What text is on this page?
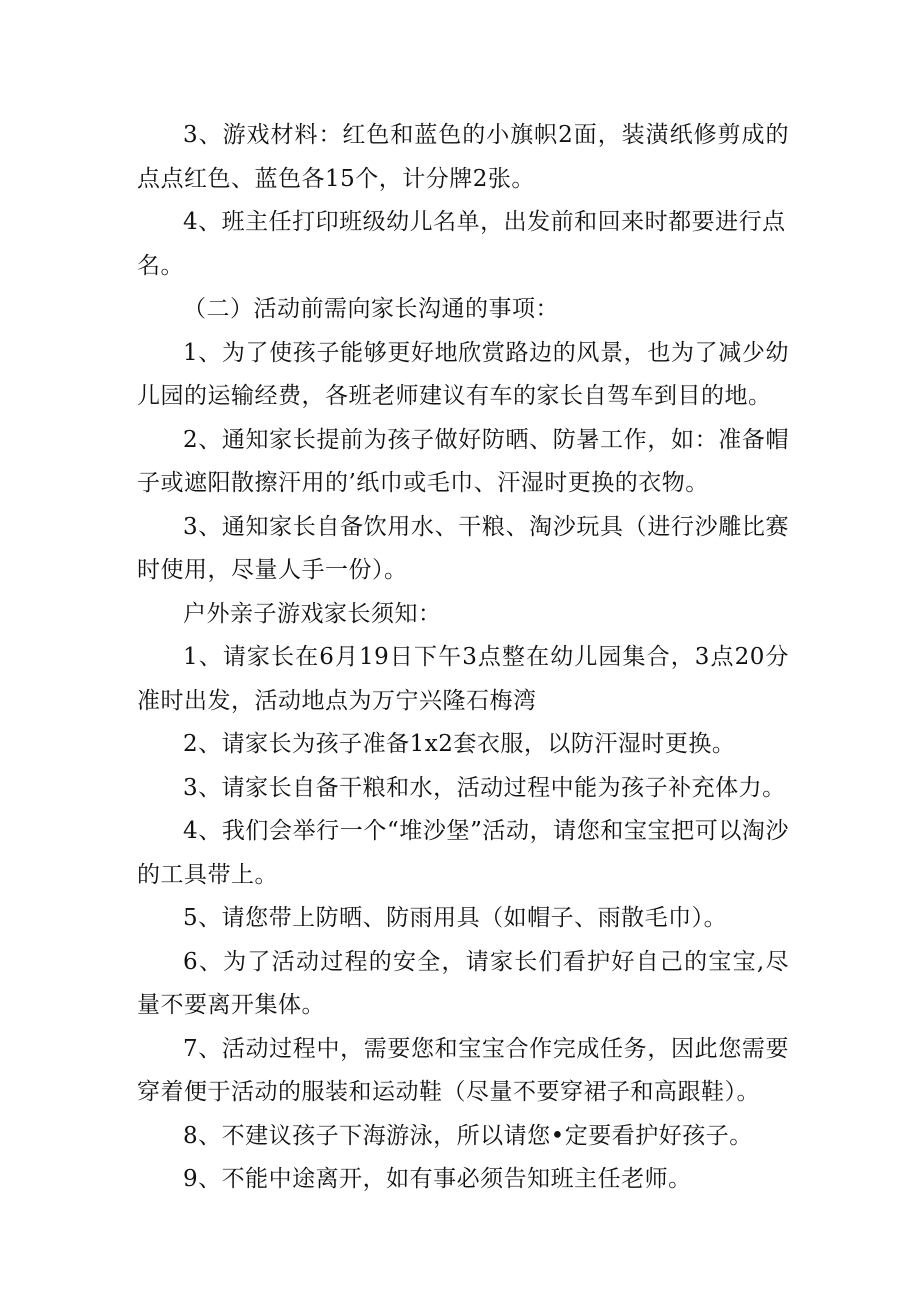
3、游戏材料：红色和蓝色的小旗帜2面，装潢纸修剪成的点点红色、蓝色各15个，计分牌2张。

4、班主任打印班级幼儿名单，出发前和回来时都要进行点名。

（二）活动前需向家长沟通的事项：

1、为了使孩子能够更好地欣赏路边的风景，也为了减少幼儿园的运输经费，各班老师建议有车的家长自驾车到目的地。

2、通知家长提前为孩子做好防晒、防暑工作，如：准备帽子或遮阳散擦汗用的’纸巾或毛巾、汗湿时更换的衣物。

3、通知家长自备饮用水、干粮、淘沙玩具（进行沙雕比赛时使用，尽量人手一份）。

户外亲子游戏家长须知：

1、请家长在6月19日下午3点整在幼儿园集合，3点20分准时出发，活动地点为万宁兴隆石梅湾

2、请家长为孩子准备1x2套衣服，以防汗湿时更换。

3、请家长自备干粮和水，活动过程中能为孩子补充体力。

4、我们会举行一个“堆沙堡”活动，请您和宝宝把可以淘沙的工具带上。

5、请您带上防晒、防雨用具（如帽子、雨散毛巾）。

6、为了活动过程的安全，请家长们看护好自己的宝宝,尽量不要离开集体。

7、活动过程中，需要您和宝宝合作完成任务，因此您需要穿着便于活动的服装和运动鞋（尽量不要穿裙子和高跟鞋）。

8、不建议孩子下海游泳，所以请您•定要看护好孩子。

9、不能中途离开，如有事必须告知班主任老师。
